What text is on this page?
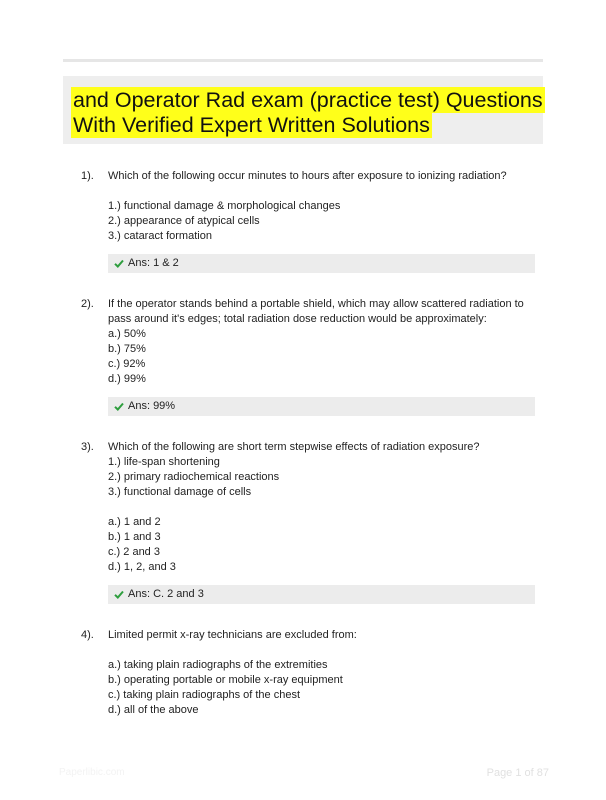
and Operator Rad exam (practice test) Questions
With Verified Expert Written Solutions
1). Which of the following occur minutes to hours after exposure to ionizing radiation?
1.) functional damage & morphological changes
2.) appearance of atypical cells
3.) cataract formation
Ans: 1 & 2
2). If the operator stands behind a portable shield, which may allow scattered radiation to
pass around it's edges; total radiation dose reduction would be approximately:
a.) 50%
b.) 75%
c.) 92%
d.) 99%
Ans: 99%
3). Which of the following are short term stepwise effects of radiation exposure?
1.) life-span shortening
2.) primary radiochemical reactions
3.) functional damage of cells
a.) 1 and 2
b.) 1 and 3
c.) 2 and 3
d.) 1, 2, and 3
Ans: C. 2 and 3
4). Limited permit x-ray technicians are excluded from:
a.) taking plain radiographs of the extremities
b.) operating portable or mobile x-ray equipment
c.) taking plain radiographs of the chest
d.) all of the above
Paperlibic.com	Page 1 of 87
